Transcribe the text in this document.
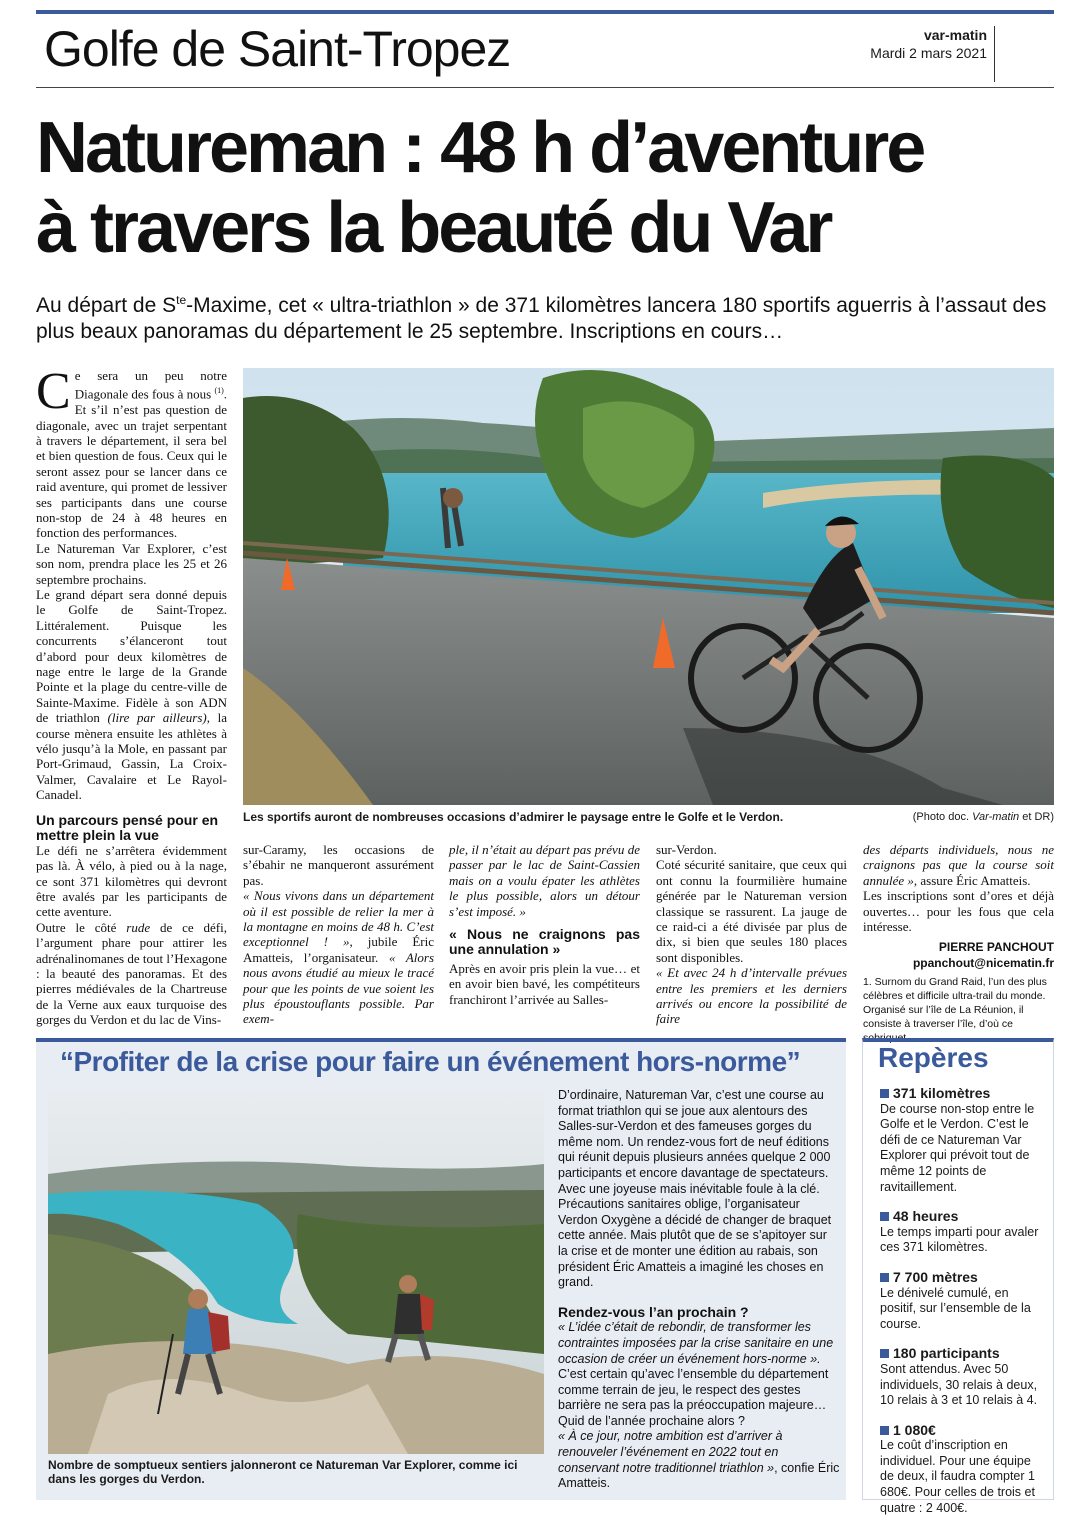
Golfe de Saint-Tropez	var-matin
Mardi 2 mars 2021
Natureman : 48 h d’aventure
à travers la beauté du Var
Au départ de $S^{te}$-Maxime, cet « ultra-triathlon » de 371 kilomètres lancera 180 sportifs aguerris à l’assaut des plus beaux panoramas du département le 25 septembre. Inscriptions en cours…

Ce sera un peu notre Diagonale des fous à nous $^{(1)}$. Et s’il n’est pas question de diagonale, avec un trajet serpentant à travers le département, il sera bel et bien question de fous. Ceux qui le seront assez pour se lancer dans ce raid aventure, qui promet de lessiver ses participants dans une course non-stop de 24 à 48 heures en fonction des performances.

Le Natureman Var Explorer, c’est son nom, prendra place les 25 et 26 septembre prochains.

Le grand départ sera donné depuis le Golfe de Saint-Tropez. Littéralement. Puisque les concurrents s’élanceront tout d’abord pour deux kilomètres de nage entre le large de la Grande Pointe et la plage du centre-ville de Sainte-Maxime. Fidèle à son ADN de triathlon (lire par ailleurs), la course mènera ensuite les athlètes à vélo jusqu’à la Mole, en passant par Port-Grimaud, Gassin, La Croix-Valmer, Cavalaire et Le Rayol-Canadel.

Un parcours pensé pour en mettre plein la vue

Le défi ne s’arrêtera évidemment pas là. À vélo, à pied ou à la nage, ce sont 371 kilomètres qui devront être avalés par les participants de cette aventure.

Outre le côté rude de ce défi, l’argument phare pour attirer les adrénalinomanes de tout l’Hexagone : la beauté des panoramas. Et des pierres médiévales de la Chartreuse de la Verne aux eaux turquoise des gorges du Verdon et du lac de Vins-

Les sportifs auront de nombreuses occasions d’admirer le paysage entre le Golfe et le Verdon.	(Photo doc. Var-matin et DR)

sur-Caramy, les occasions de s’ébahir ne manqueront assurément pas.

« Nous vivons dans un département où il est possible de relier la mer à la montagne en moins de 48 h. C’est exceptionnel ! », jubile Éric Amatteis, l’organisateur. « Alors nous avons étudié au mieux le tracé pour que les points de vue soient les plus époustouflants possible. Par exem-

ple, il n’était au départ pas prévu de passer par le lac de Saint-Cassien mais on a voulu épater les athlètes le plus possible, alors un détour s’est imposé. »

« Nous ne craignons pas une annulation »

Après en avoir pris plein la vue… et en avoir bien bavé, les compétiteurs franchiront l’arrivée au Salles-

sur-Verdon.

Coté sécurité sanitaire, que ceux qui ont connu la fourmilière humaine générée par le Natureman version classique se rassurent. La jauge de ce raid-ci a été divisée par plus de dix, si bien que seules 180 places sont disponibles.

« Et avec 24 h d’intervalle prévues entre les premiers et les derniers arrivés ou encore la possibilité de faire

des départs individuels, nous ne craignons pas que la course soit annulée », assure Éric Amatteis.

Les inscriptions sont d’ores et déjà ouvertes… pour les fous que cela intéresse.

PIERRE PANCHOUT
ppanchout@nicematin.fr
1. Surnom du Grand Raid, l’un des plus célèbres et difficile ultra-trail du monde. Organisé sur l’île de La Réunion, il consiste à traverser l’île, d’où ce sobriquet.
“Profiter de la crise pour faire un événement hors-norme”
Nombre de somptueux sentiers jalonneront ce Natureman Var Explorer, comme ici dans les gorges du Verdon.

D’ordinaire, Natureman Var, c’est une course au format triathlon qui se joue aux alentours des Salles-sur-Verdon et des fameuses gorges du même nom. Un rendez-vous fort de neuf éditions qui réunit depuis plusieurs années quelque 2 000 participants et encore davantage de spectateurs. Avec une joyeuse mais inévitable foule à la clé. Précautions sanitaires oblige, l’organisateur Verdon Oxygène a décidé de changer de braquet cette année. Mais plutôt que de se s’apitoyer sur la crise et de monter une édition au rabais, son président Éric Amatteis a imaginé les choses en grand.

Rendez-vous l’an prochain ?

« L’idée c’était de rebondir, de transformer les contraintes imposées par la crise sanitaire en une occasion de créer un événement hors-norme ».

C’est certain qu’avec l’ensemble du département comme terrain de jeu, le respect des gestes barrière ne sera pas la préoccupation majeure… Quid de l’année prochaine alors ?

« À ce jour, notre ambition est d’arriver à renouveler l’événement en 2022 tout en conservant notre traditionnel triathlon », confie Éric Amatteis.

Repères
371 kilomètres
De course non-stop entre le Golfe et le Verdon. C’est le défi de ce Natureman Var Explorer qui prévoit tout de même 12 points de ravitaillement.
48 heures
Le temps imparti pour avaler ces 371 kilomètres.
7 700 mètres
Le dénivelé cumulé, en positif, sur l’ensemble de la course.
180 participants
Sont attendus. Avec 50 individuels, 30 relais à deux, 10 relais à 3 et 10 relais à 4.
1 080€
Le coût d’inscription en individuel. Pour une équipe de deux, il faudra compter 1 680€. Pour celles de trois et quatre : 2 400€.
